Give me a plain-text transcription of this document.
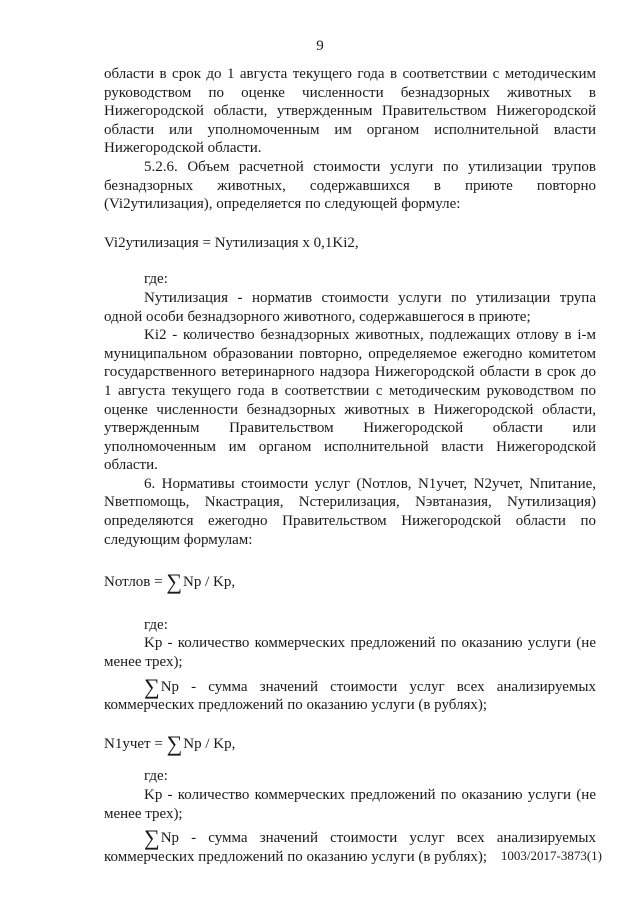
9

области в срок до 1 августа текущего года в соответствии с методическим руководством по оценке численности безнадзорных животных в Нижегородской области, утвержденным Правительством Нижегородской области или уполномоченным им органом исполнительной власти Нижегородской области.

5.2.6. Объем расчетной стоимости услуги по утилизации трупов безнадзорных животных, содержавшихся в приюте повторно (Vi2утилизация), определяется по следующей формуле:

Vi2утилизация = Nутилизация х 0,1Ki2,

где:

Nутилизация - норматив стоимости услуги по утилизации трупа одной особи безнадзорного животного, содержавшегося в приюте;

Ki2 - количество безнадзорных животных, подлежащих отлову в i-м муниципальном образовании повторно, определяемое ежегодно комитетом государственного ветеринарного надзора Нижегородской области в срок до 1 августа текущего года в соответствии с методическим руководством по оценке численности безнадзорных животных в Нижегородской области, утвержденным Правительством Нижегородской области или уполномоченным им органом исполнительной власти Нижегородской области.

6. Нормативы стоимости услуг (Nотлов, N1учет, N2учет, Nпитание, Nветпомощь, Nкастрация, Nстерилизация, Nэвтаназия, Nутилизация) определяются ежегодно Правительством Нижегородской области по следующим формулам:

Nотлов = ∑Np / Kp,

где:

Kp - количество коммерческих предложений по оказанию услуги (не менее трех);

∑Np - сумма значений стоимости услуг всех анализируемых коммерческих предложений по оказанию услуги (в рублях);

N1учет = ∑Np / Kp,

где:

Kp - количество коммерческих предложений по оказанию услуги (не менее трех);

∑Np - сумма значений стоимости услуг всех анализируемых коммерческих предложений по оказанию услуги (в рублях);	1003/2017-3873(1)
